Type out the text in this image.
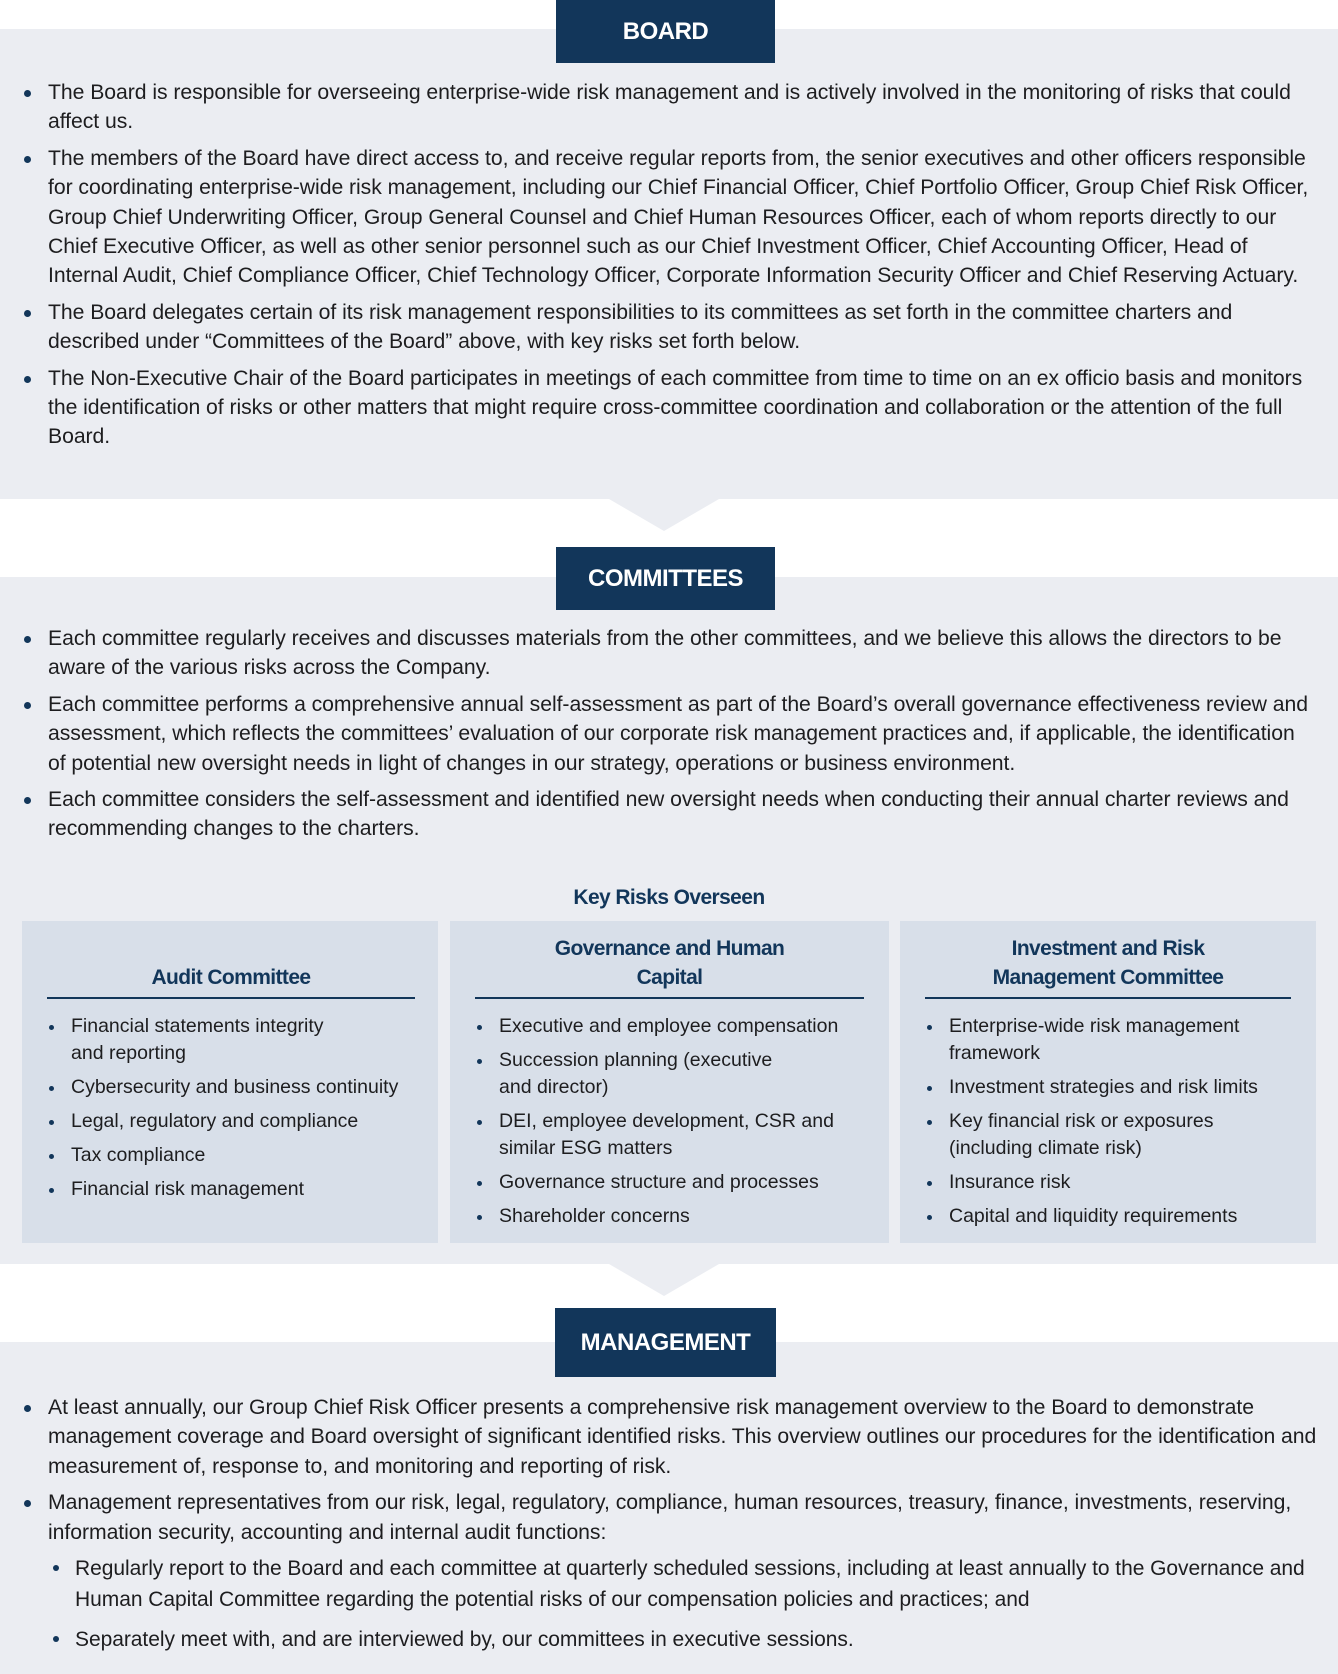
BOARD
The Board is responsible for overseeing enterprise-wide risk management and is actively involved in the monitoring of risks that could affect us.
The members of the Board have direct access to, and receive regular reports from, the senior executives and other officers responsible for coordinating enterprise-wide risk management, including our Chief Financial Officer, Chief Portfolio Officer, Group Chief Risk Officer, Group Chief Underwriting Officer, Group General Counsel and Chief Human Resources Officer, each of whom reports directly to our Chief Executive Officer, as well as other senior personnel such as our Chief Investment Officer, Chief Accounting Officer, Head of Internal Audit, Chief Compliance Officer, Chief Technology Officer, Corporate Information Security Officer and Chief Reserving Actuary.
The Board delegates certain of its risk management responsibilities to its committees as set forth in the committee charters and described under “Committees of the Board” above, with key risks set forth below.
The Non-Executive Chair of the Board participates in meetings of each committee from time to time on an ex officio basis and monitors the identification of risks or other matters that might require cross-committee coordination and collaboration or the attention of the full Board.
COMMITTEES
Each committee regularly receives and discusses materials from the other committees, and we believe this allows the directors to be aware of the various risks across the Company.
Each committee performs a comprehensive annual self-assessment as part of the Board’s overall governance effectiveness review and assessment, which reflects the committees’ evaluation of our corporate risk management practices and, if applicable, the identification of potential new oversight needs in light of changes in our strategy, operations or business environment.
Each committee considers the self-assessment and identified new oversight needs when conducting their annual charter reviews and recommending changes to the charters.
Key Risks Overseen
Audit Committee
Financial statements integrity and reporting
Cybersecurity and business continuity
Legal, regulatory and compliance
Tax compliance
Financial risk management
Governance and Human Capital
Executive and employee compensation
Succession planning (executive and director)
DEI, employee development, CSR and similar ESG matters
Governance structure and processes
Shareholder concerns
Investment and Risk Management Committee
Enterprise-wide risk management framework
Investment strategies and risk limits
Key financial risk or exposures (including climate risk)
Insurance risk
Capital and liquidity requirements
MANAGEMENT
At least annually, our Group Chief Risk Officer presents a comprehensive risk management overview to the Board to demonstrate management coverage and Board oversight of significant identified risks. This overview outlines our procedures for the identification and measurement of, response to, and monitoring and reporting of risk.
Management representatives from our risk, legal, regulatory, compliance, human resources, treasury, finance, investments, reserving, information security, accounting and internal audit functions:
Regularly report to the Board and each committee at quarterly scheduled sessions, including at least annually to the Governance and Human Capital Committee regarding the potential risks of our compensation policies and practices; and
Separately meet with, and are interviewed by, our committees in executive sessions.
